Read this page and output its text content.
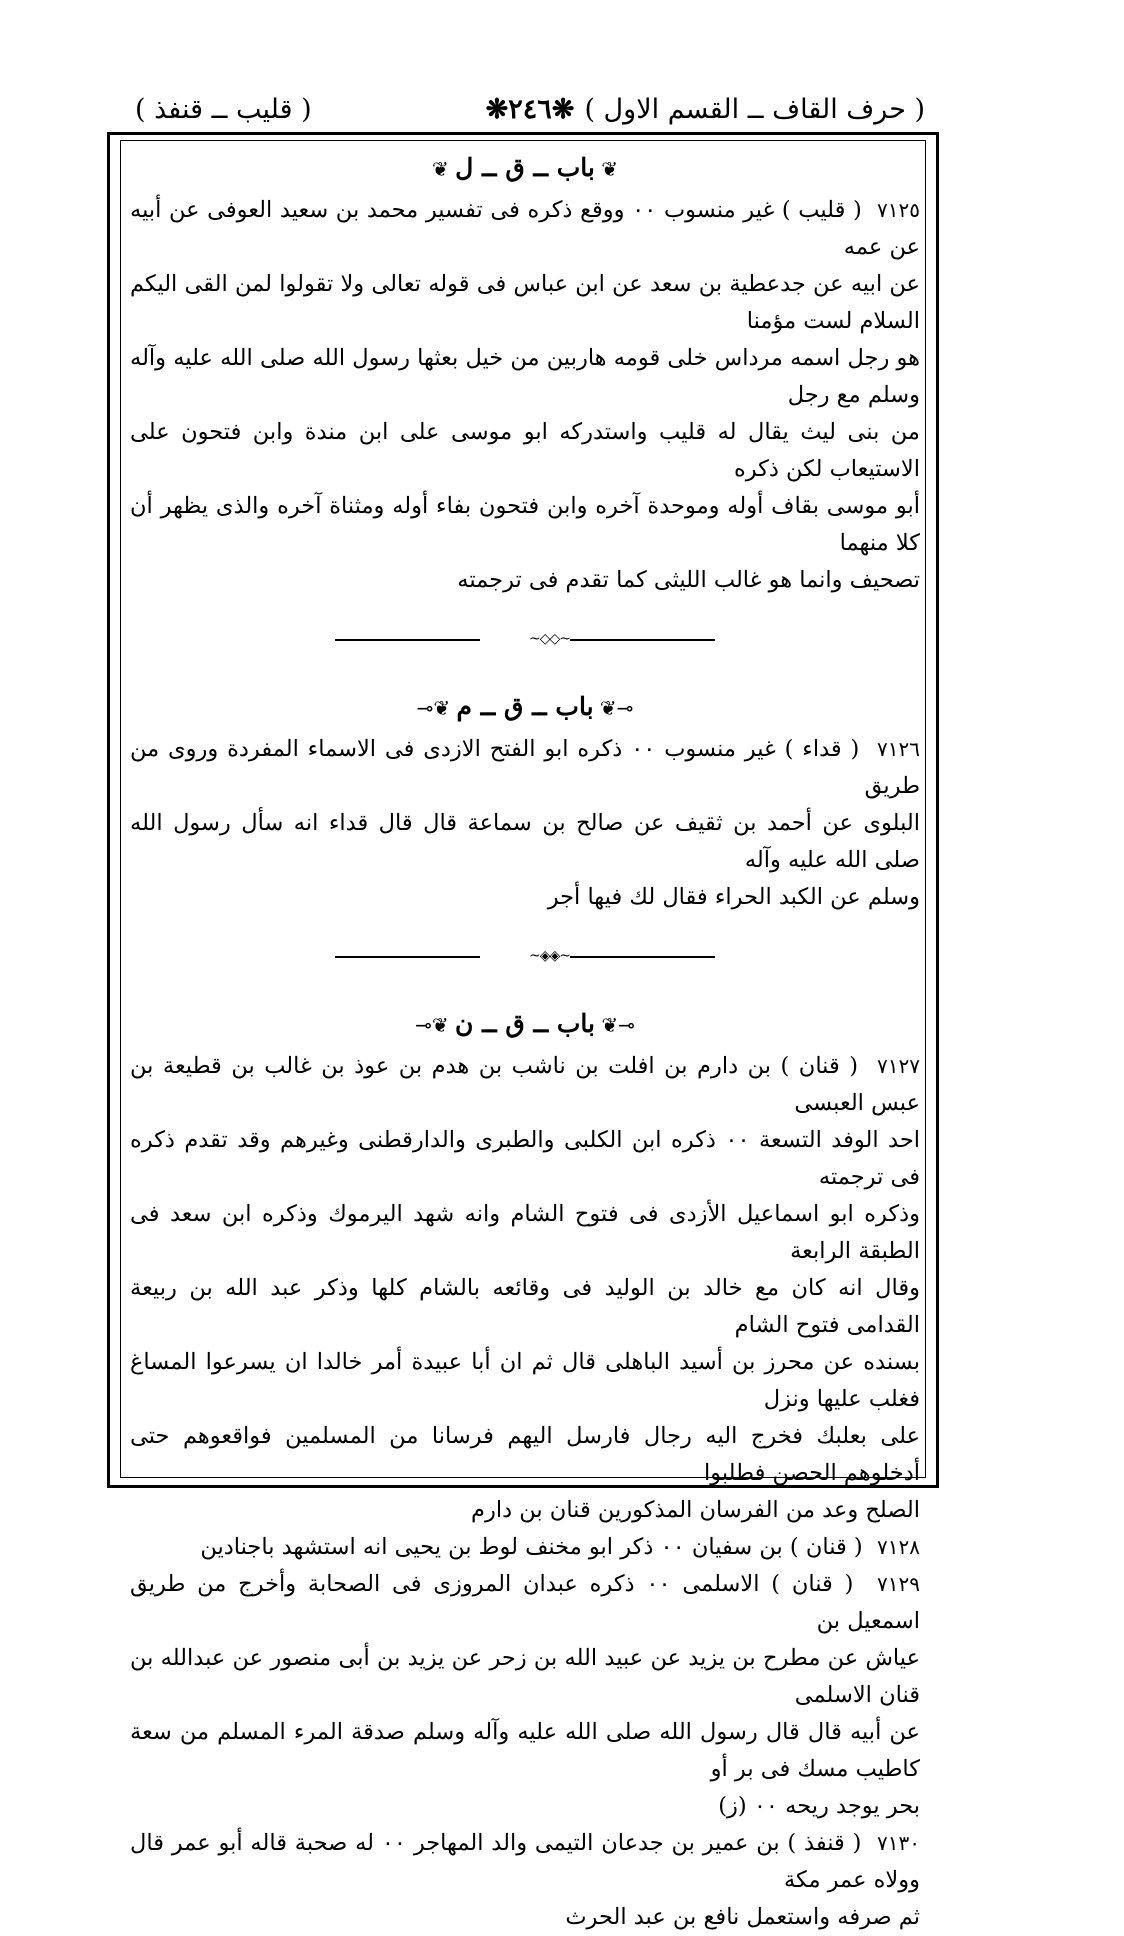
( حرف القاف ــ القسم الاول )
❋٢٤٦❋
( قليب ــ قنفذ )
❦ باب ــ ق ــ ل ❦

٧١٢٥  ( قليب ) غير منسوب ٠٠ ووقع ذكره فى تفسير محمد بن سعيد العوفى عن أبيه عن عمه

عن ابيه عن جدعطية بن سعد عن ابن عباس فى قوله تعالى ولا تقولوا لمن القى اليكم السلام لست مؤمنا

هو رجل اسمه مرداس خلى قومه هاربين من خيل بعثها رسول الله صلى الله عليه وآله وسلم مع رجل

من بنى ليث يقال له قليب واستدركه ابو موسى على ابن مندة وابن فتحون على الاستيعاب لكن ذكره

أبو موسى بقاف أوله وموحدة آخره وابن فتحون بفاء أوله ومثناة آخره والذى يظهر أن كلا منهما

تصحيف وانما هو غالب الليثى كما تقدم فى ترجمته

~◇◇~
⊸❦ باب ــ ق ــ م ❦⊸

٧١٢٦  ( قداء ) غير منسوب ٠٠ ذكره ابو الفتح الازدى فى الاسماء المفردة وروى من طريق

البلوى عن أحمد بن ثقيف عن صالح بن سماعة قال قال قداء انه سأل رسول الله صلى الله عليه وآله

وسلم عن الكبد الحراء فقال لك فيها أجر

~◈◈~
⊸❦ باب ــ ق ــ ن ❦⊸

٧١٢٧  ( قنان ) بن دارم بن افلت بن ناشب بن هدم بن عوذ بن غالب بن قطيعة بن عبس العبسى

احد الوفد التسعة ٠٠ ذكره ابن الكلبى والطبرى والدارقطنى وغيرهم وقد تقدم ذكره فى ترجمته

وذكره ابو اسماعيل الأزدى فى فتوح الشام وانه شهد اليرموك وذكره ابن سعد فى الطبقة الرابعة

وقال انه كان مع خالد بن الوليد فى وقائعه بالشام كلها وذكر عبد الله بن ربيعة القدامى فتوح الشام

بسنده عن محرز بن أسيد الباهلى قال ثم ان أبا عبيدة أمر خالدا ان يسرعوا المساغ فغلب عليها ونزل

على بعلبك فخرج اليه رجال فارسل اليهم فرسانا من المسلمين فواقعوهم حتى أدخلوهم الحصن فطلبوا

الصلح وعد من الفرسان المذكورين قنان بن دارم

٧١٢٨  ( قنان ) بن سفيان ٠٠ ذكر ابو مخنف لوط بن يحيى انه استشهد باجنادين

٧١٢٩  ( قنان ) الاسلمى ٠٠ ذكره عبدان المروزى فى الصحابة وأخرج من طريق اسمعيل بن

عياش عن مطرح بن يزيد عن عبيد الله بن زحر عن يزيد بن أبى منصور عن عبدالله بن قنان الاسلمى

عن أبيه قال قال رسول الله صلى الله عليه وآله وسلم صدقة المرء المسلم من سعة كاطيب مسك فى بر أو

بحر يوجد ريحه ٠٠ (ز)

٧١٣٠  ( قنفذ ) بن عمير بن جدعان التيمى والد المهاجر ٠٠ له صحبة قاله أبو عمر قال وولاه عمر مكة

ثم صرفه واستعمل نافع بن عبد الحرث
